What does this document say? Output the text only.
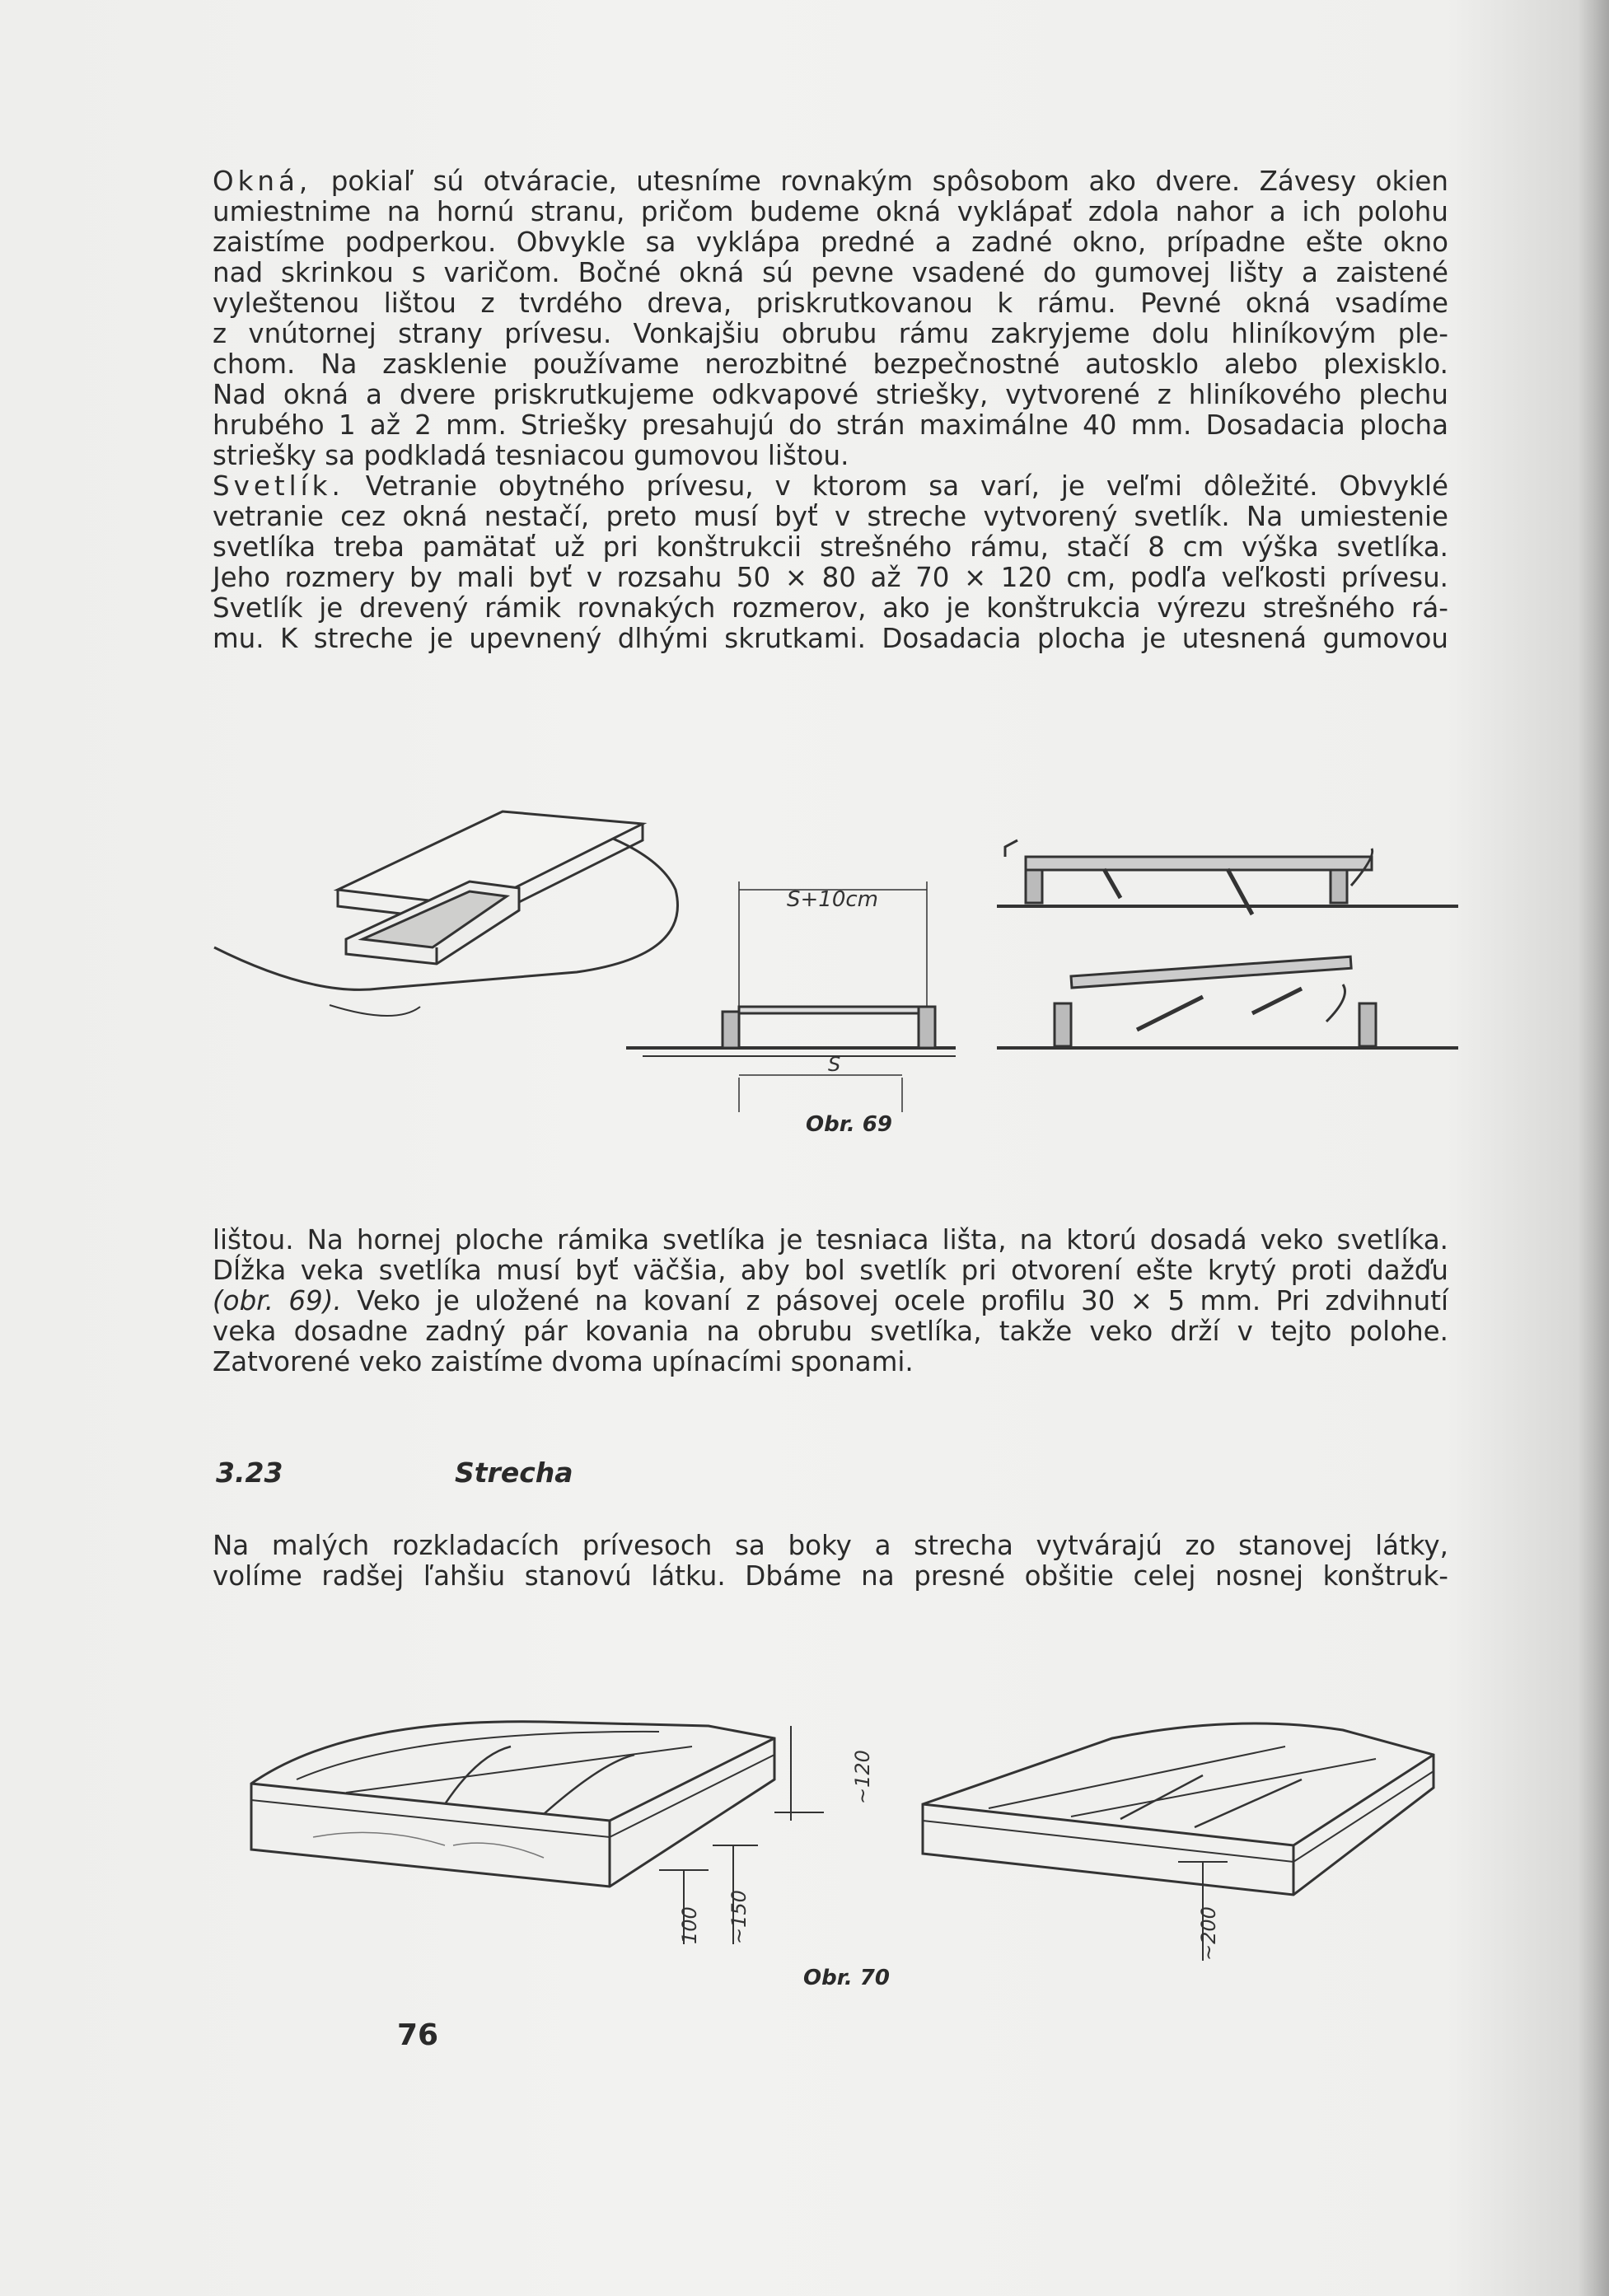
Okná, pokiaľ sú otváracie, utesníme rovnakým spôsobom ako dvere. Závesy okien
umiestnime na hornú stranu, pričom budeme okná vyklápať zdola nahor a ich polohu
zaistíme podperkou. Obvykle sa vyklápa predné a zadné okno, prípadne ešte okno
nad skrinkou s varičom. Bočné okná sú pevne vsadené do gumovej lišty a zaistené
vyleštenou lištou z tvrdého dreva, priskrutkovanou k rámu. Pevné okná vsadíme
z vnútornej strany prívesu. Vonkajšiu obrubu rámu zakryjeme dolu hliníkovým ple-
chom. Na zasklenie používame nerozbitné bezpečnostné autosklo alebo plexisklo.
Nad okná a dvere priskrutkujeme odkvapové striešky, vytvorené z hliníkového plechu
hrubého 1 až 2 mm. Striešky presahujú do strán maximálne 40 mm. Dosadacia plocha
striešky sa podkladá tesniacou gumovou lištou.

Svetlík. Vetranie obytného prívesu, v ktorom sa varí, je veľmi dôležité. Obvyklé
vetranie cez okná nestačí, preto musí byť v streche vytvorený svetlík. Na umiestenie
svetlíka treba pamätať už pri konštrukcii strešného rámu, stačí 8 cm výška svetlíka.
Jeho rozmery by mali byť v rozsahu 50 × 80 až 70 × 120 cm, podľa veľkosti prívesu.
Svetlík je drevený rámik rovnakých rozmerov, ako je konštrukcia výrezu strešného rá-
mu. K streche je upevnený dlhými skrutkami. Dosadacia plocha je utesnená gumovou

S+10cm
S

Obr. 69

lištou. Na hornej ploche rámika svetlíka je tesniaca lišta, na ktorú dosadá veko svetlíka.
Dĺžka veka svetlíka musí byť väčšia, aby bol svetlík pri otvorení ešte krytý proti dažďu
(obr. 69). Veko je uložené na kovaní z pásovej ocele profilu 30 × 5 mm. Pri zdvihnutí
veka dosadne zadný pár kovania na obrubu svetlíka, takže veko drží v tejto polohe.
Zatvorené veko zaistíme dvoma upínacími sponami.

3.23	Strecha

Na malých rozkladacích prívesoch sa boky a strecha vytvárajú zo stanovej látky,
volíme radšej ľahšiu stanovú látku. Dbáme na presné obšitie celej nosnej konštruk-

100 ~150
~120
~200

Obr. 70

76
